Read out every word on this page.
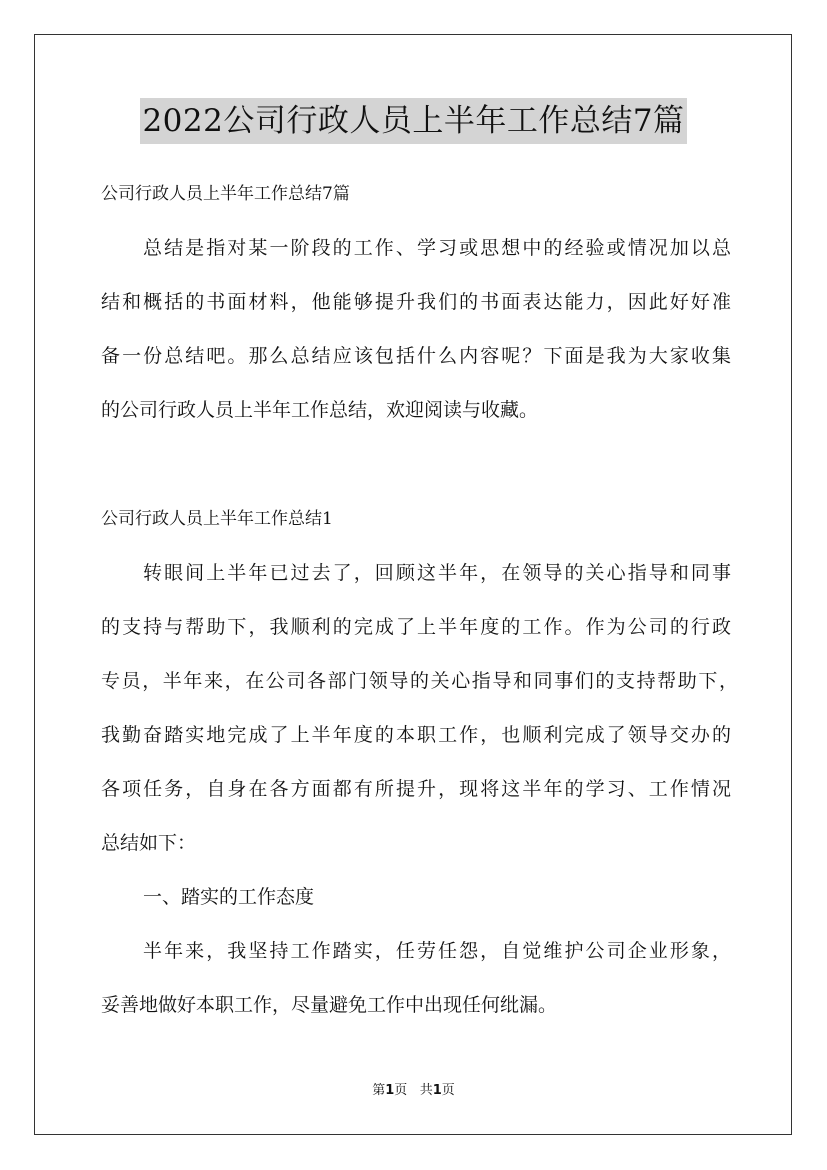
2022公司行政人员上半年工作总结7篇
公司行政人员上半年工作总结7篇
总结是指对某一阶段的工作、学习或思想中的经验或情况加以总
结和概括的书面材料，他能够提升我们的书面表达能力，因此好好准
备一份总结吧。那么总结应该包括什么内容呢？下面是我为大家收集
的公司行政人员上半年工作总结，欢迎阅读与收藏。
公司行政人员上半年工作总结1
转眼间上半年已过去了，回顾这半年，在领导的关心指导和同事
的支持与帮助下，我顺利的完成了上半年度的工作。作为公司的行政
专员，半年来，在公司各部门领导的关心指导和同事们的支持帮助下，
我勤奋踏实地完成了上半年度的本职工作，也顺利完成了领导交办的
各项任务，自身在各方面都有所提升，现将这半年的学习、工作情况
总结如下：
一、踏实的工作态度
半年来，我坚持工作踏实，任劳任怨，自觉维护公司企业形象，
妥善地做好本职工作，尽量避免工作中出现任何纰漏。
第1页   共1页
